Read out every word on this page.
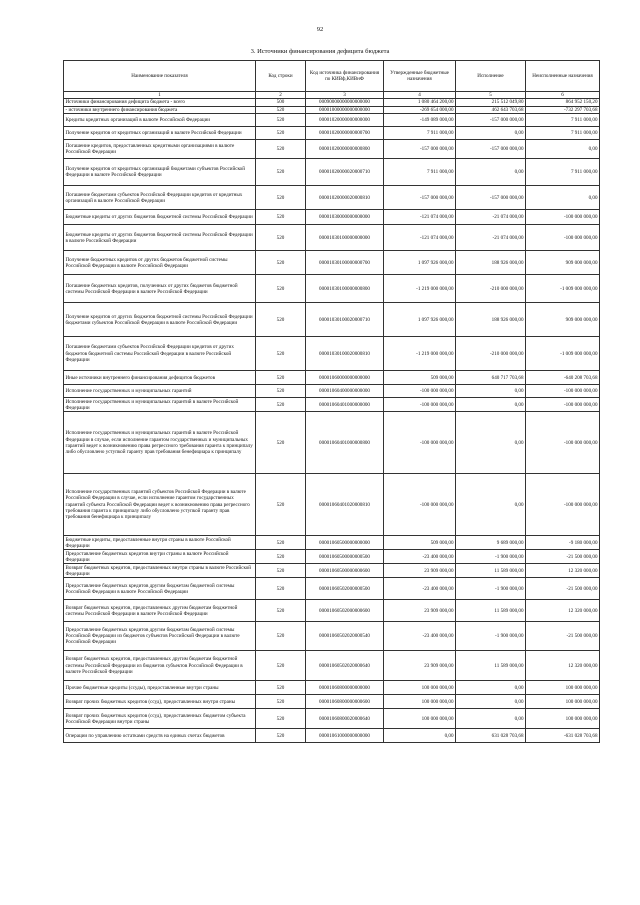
92
3. Источники финансирования дефицита бюджета
Наименование показателя	Код строки	Код источника финансирования по КИВф,КИВнФ	Утвержденные бюджетные назначения	Исполнение	Неисполненные назначения
1	2	3	4	5	6
Источники финансирования дефицита бюджета - всего	500	00090000000000000000	1 080 464 200,00	215 512 049,80	864 952 150,20
- источники внутреннего финансирования бюджета	520	00001000000000000000	-269 654 000,00	462 643 703,68	-732 297 703,68
Кредиты кредитных организаций в валюте Российской Федерации	520	00001020000000000000	-149 089 000,00	-157 000 000,00	7 911 000,00
Получение кредитов от кредитных организаций в валюте Российской Федерации	520	00001020000000000700	7 911 000,00	0,00	7 911 000,00
Погашение кредитов, предоставленных кредитными организациями в валюте Российской Федерации	520	00001020000000000800	-157 000 000,00	-157 000 000,00	0,00
Получение кредитов от кредитных организаций бюджетами субъектов Российской Федерации в валюте Российской Федерации	520	00001020000020000710	7 911 000,00	0,00	7 911 000,00
Погашение бюджетами субъектов Российской Федерации кредитов от кредитных организаций в валюте Российской Федерации	520	00001020000020000810	-157 000 000,00	-157 000 000,00	0,00
Бюджетные кредиты от других бюджетов бюджетной системы Российской Федерации	520	00001030000000000000	-121 074 000,00	-21 074 000,00	-100 000 000,00
Бюджетные кредиты от других бюджетов бюджетной системы Российской Федерации в валюте Российской Федерации	520	00001030100000000000	-121 074 000,00	-21 074 000,00	-100 000 000,00
Получение бюджетных кредитов от других бюджетов бюджетной системы Российской Федерации в валюте Российской Федерации	520	00001030100000000700	1 097 926 000,00	188 926 000,00	909 000 000,00
Погашение бюджетных кредитов, полученных от других бюджетов бюджетной системы Российской Федерации в валюте Российской Федерации	520	00001030100000000800	-1 219 000 000,00	-210 000 000,00	-1 009 000 000,00
Получение кредитов от других бюджетов бюджетной системы Российской Федерации бюджетами субъектов Российской Федерации в валюте Российской Федерации	520	00001030100020000710	1 097 926 000,00	188 926 000,00	909 000 000,00
Погашение бюджетами субъектов Российской Федерации кредитов от других бюджетов бюджетной системы Российской Федерации в валюте Российской Федерации	520	00001030100020000810	-1 219 000 000,00	-210 000 000,00	-1 009 000 000,00
Иные источники внутреннего финансирования дефицитов бюджетов	520	00001060000000000000	509 000,00	640 717 703,68	-640 208 703,68
Исполнение государственных и муниципальных гарантий	520	00001060400000000000	-100 000 000,00	0,00	-100 000 000,00
Исполнение государственных и муниципальных гарантий в валюте Российской Федерации	520	00001060401000000000	-100 000 000,00	0,00	-100 000 000,00
Исполнение государственных и муниципальных гарантий в валюте Российской Федерации в случае, если исполнение гарантом государственных и муниципальных гарантий ведет к возникновению права регрессного требования гаранта к принципалу либо обусловлено уступкой гаранту прав требования бенефициара к принципалу	520	00001060401000000800	-100 000 000,00	0,00	-100 000 000,00
Исполнение государственных гарантий субъектов Российской Федерации в валюте Российской Федерации в случае, если исполнение гарантом государственных гарантий субъекта Российской Федерации ведет к возникновению права регрессного требования гаранта к принципалу либо обусловлено уступкой гаранту прав требования бенефициара к принципалу	520	00001060401020000810	-100 000 000,00	0,00	-100 000 000,00
Бюджетные кредиты, предоставленные внутри страны в валюте Российской Федерации	520	00001060500000000000	509 000,00	9 689 000,00	-9 180 000,00
Предоставление бюджетных кредитов внутри страны в валюте Российской Федерации	520	00001060500000000500	-23 400 000,00	-1 900 000,00	-21 500 000,00
Возврат бюджетных кредитов, предоставленных внутри страны в валюте Российской Федерации	520	00001060500000000600	23 909 000,00	11 589 000,00	12 320 000,00
Предоставление бюджетных кредитов другим бюджетам бюджетной системы Российской Федерации в валюте Российской Федерации	520	00001060502000000500	-23 400 000,00	-1 900 000,00	-21 500 000,00
Возврат бюджетных кредитов, предоставленных другим бюджетам бюджетной системы Российской Федерации в валюте Российской Федерации	520	00001060502000000600	23 909 000,00	11 589 000,00	12 320 000,00
Предоставление бюджетных кредитов другим бюджетам бюджетной системы Российской Федерации из бюджетов субъектов Российской Федерации в валюте Российской Федерации	520	00001060502020000540	-23 400 000,00	-1 900 000,00	-21 500 000,00
Возврат бюджетных кредитов, предоставленных другим бюджетам бюджетной системы Российской Федерации из бюджетов субъектов Российской Федерации в валюте Российской Федерации	520	00001060502020000640	23 909 000,00	11 589 000,00	12 320 000,00
Прочие бюджетные кредиты (ссуды), предоставленные внутри страны	520	00001060800000000000	100 000 000,00	0,00	100 000 000,00
Возврат прочих бюджетных кредитов (ссуд), предоставленных внутри страны	520	00001060800000000600	100 000 000,00	0,00	100 000 000,00
Возврат прочих бюджетных кредитов (ссуд), предоставленных бюджетом субъекта Российской Федерации внутри страны	520	00001060800020000640	100 000 000,00	0,00	100 000 000,00
Операции по управлению остатками средств на единых счетах бюджетов	520	00001061000000000000	0,00	631 028 703,68	-631 028 703,68
